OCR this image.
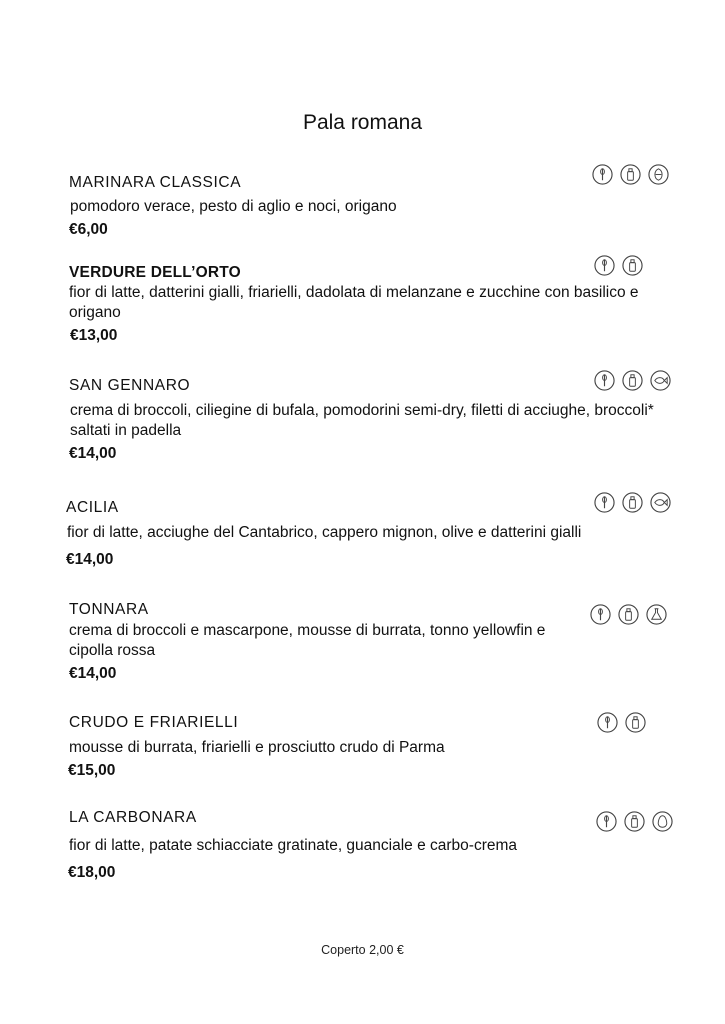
Pala romana
MARINARA CLASSICA
pomodoro verace, pesto di aglio e noci, origano
€6,00
VERDURE DELL’ORTO
fior di latte, datterini gialli, friarielli, dadolata di melanzane e zucchine con basilico e origano
€13,00
SAN GENNARO
crema di broccoli, ciliegine di bufala, pomodorini semi-dry, filetti di acciughe, broccoli* saltati in padella
€14,00
ACILIA
fior di latte, acciughe del Cantabrico, cappero mignon, olive e datterini gialli
€14,00
TONNARA
crema di broccoli e mascarpone, mousse di burrata, tonno yellowfin e cipolla rossa
€14,00
CRUDO E FRIARIELLI
mousse di burrata, friarielli e prosciutto crudo di Parma
€15,00
LA CARBONARA
fior di latte, patate schiacciate gratinate, guanciale e carbo-crema
€18,00
Coperto 2,00 €
